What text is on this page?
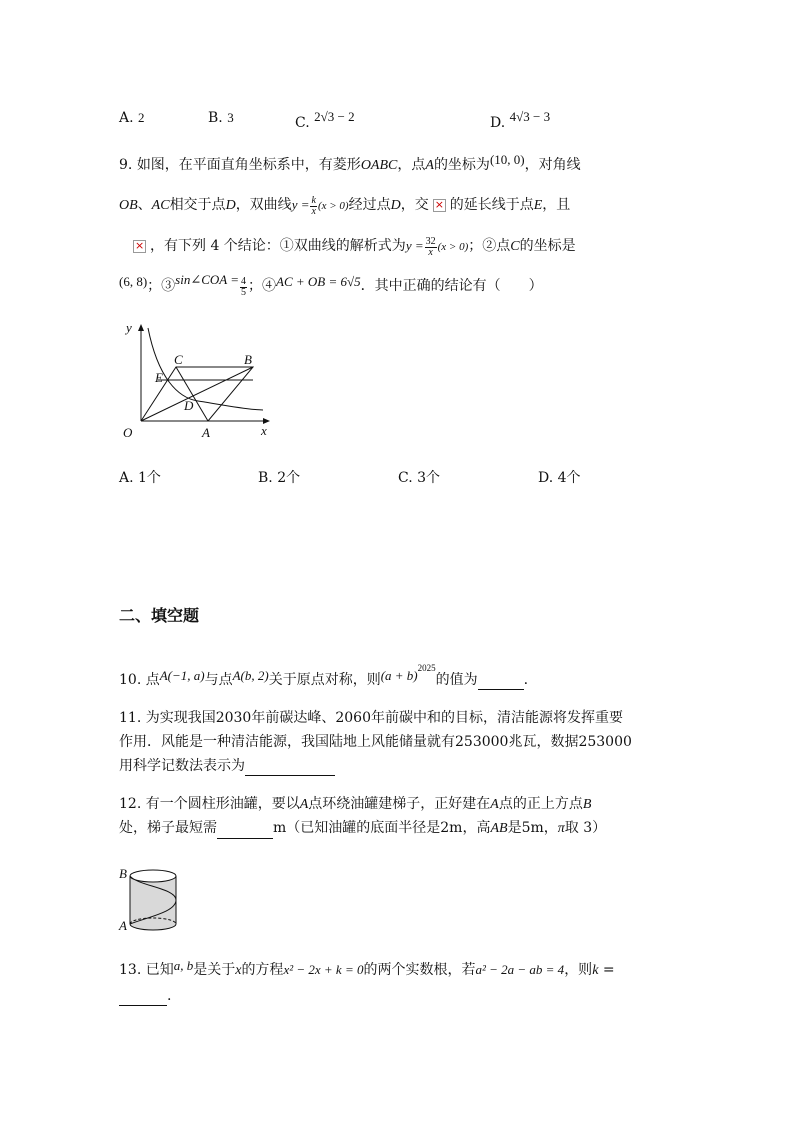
A. 2	B. 3	C. 2√3 − 2	D. 4√3 − 3
9. 如图，在平面直角坐标系中，有菱形OABC，点A的坐标为(10, 0)，对角线
OB、AC相交于点D，双曲线$y = \frac{k}{x} (x > 0)$经过点D，交× 的延长线于点E，且
×，有下列 4 个结论：①双曲线的解析式为$y = \frac{32}{x} (x > 0)$；②点C的坐标是
(6, 8)；③sin∠COA = $\frac{4}{5}$ ；④AC + OB = 6√5．其中正确的结论有（　　）
y
x
O	A
B
C
E
D
A. 1个	B. 2个	C. 3个	D. 4个
二、填空题
10. 点A(−1, a)与点A(b, 2)关于原点对称，则$(a + b)^{2025}$的值为	.
11. 为实现我国2030年前碳达峰、2060年前碳中和的目标，清洁能源将发挥重要
作用．风能是一种清洁能源，我国陆地上风能储量就有253000兆瓦，数据253000
用科学记数法表示为
12. 有一个圆柱形油罐，要以A点环绕油罐建梯子，正好建在A点的正上方点B
处，梯子最短需	m（已知油罐的底面半径是2m，高AB是5m，π取 3）
B
A
13. 已知a, b是关于x的方程x² − 2x + k = 0的两个实数根，若a² − 2a − ab = 4，则k =
.
